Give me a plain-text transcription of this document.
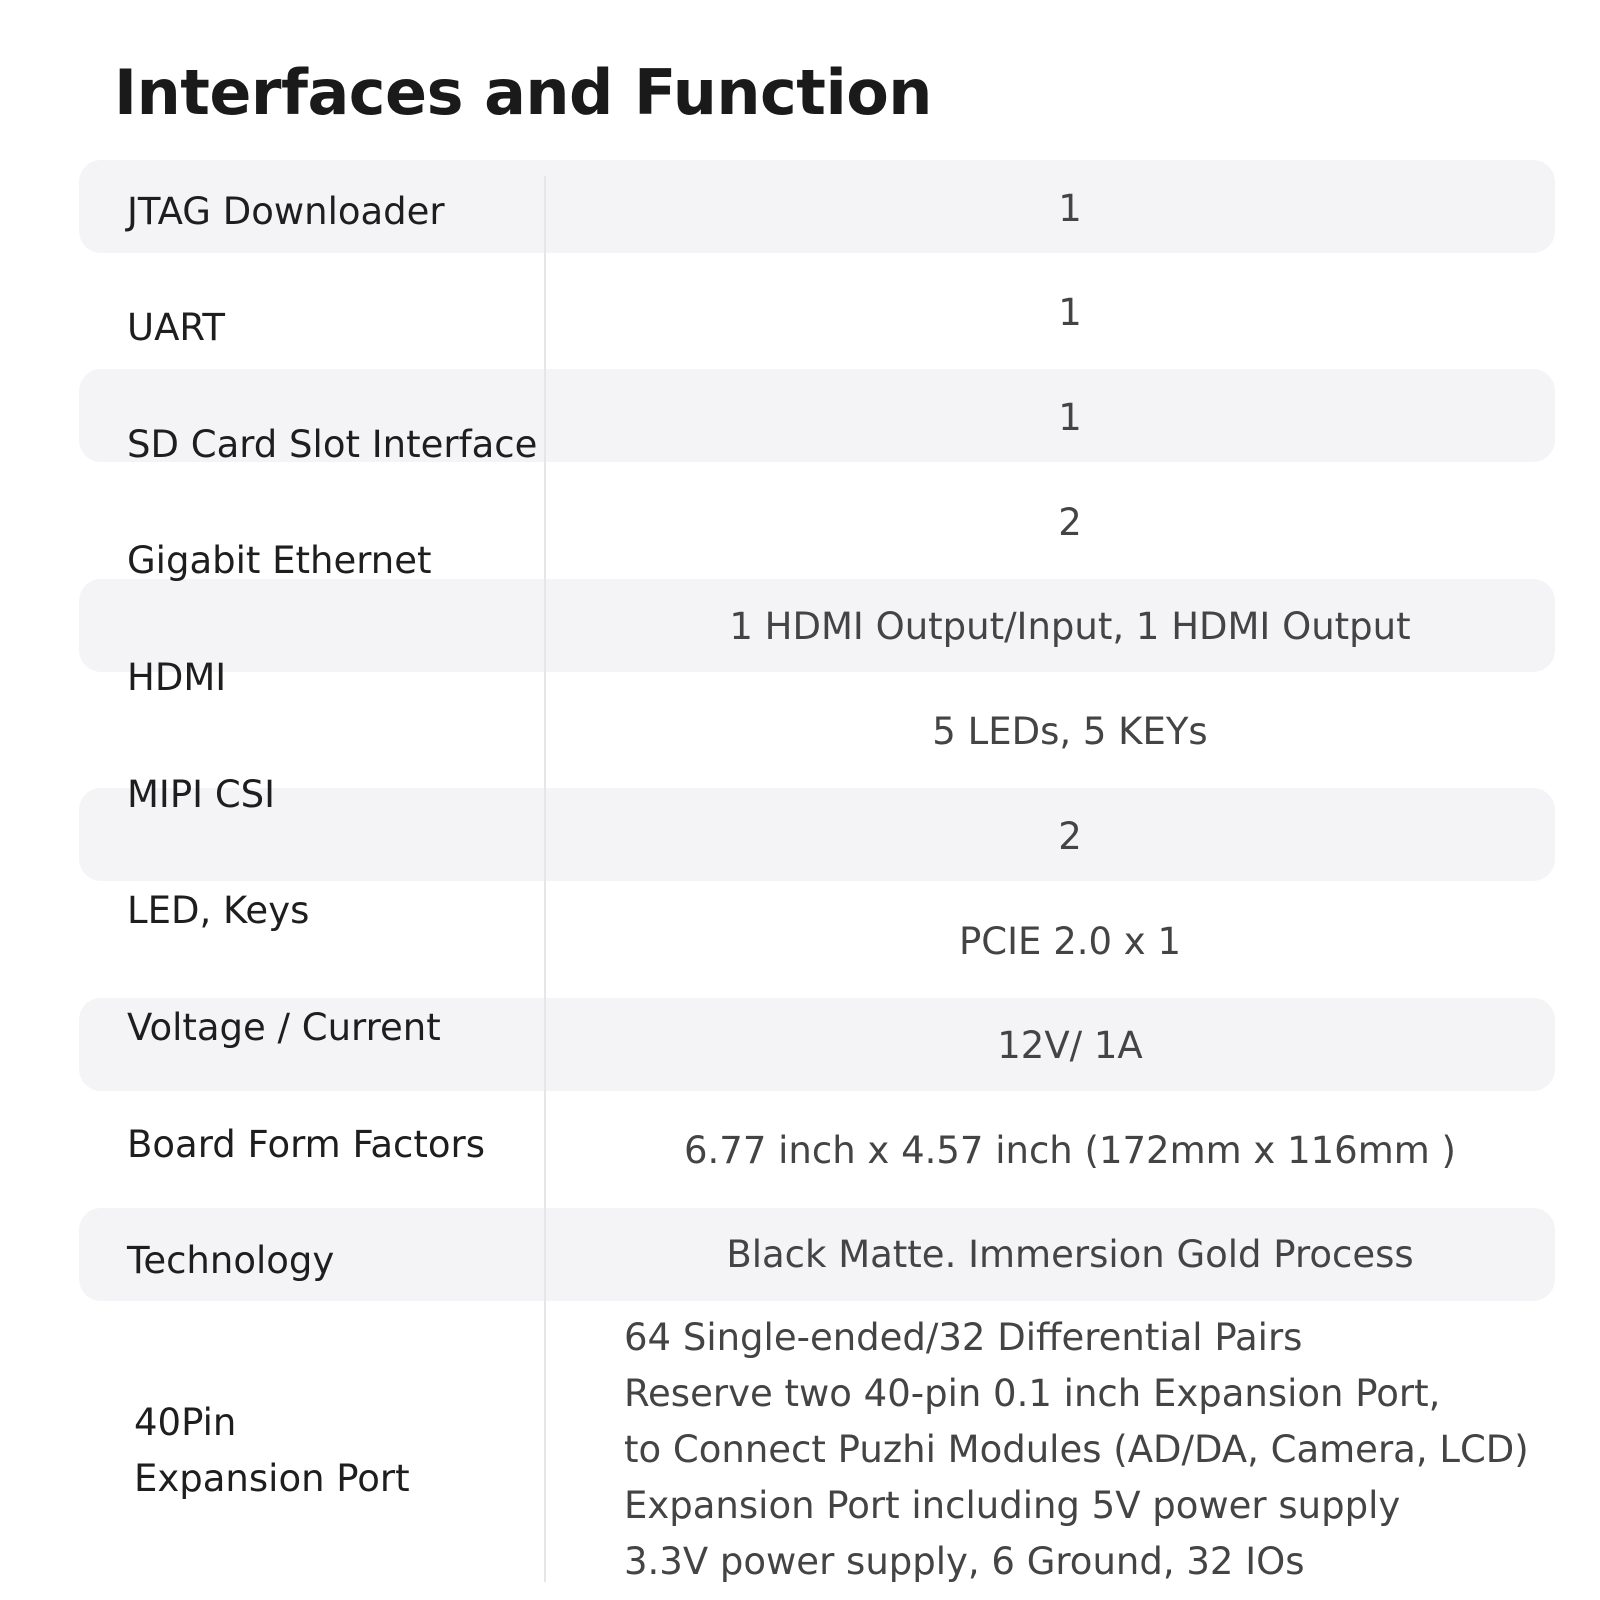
Interfaces and Function
JTAG Downloader
UART
SD Card Slot Interface
Gigabit Ethernet
HDMI
MIPI CSI
LED, Keys
Voltage / Current
Board Form Factors
Technology
1
1
1
2
1 HDMI Output/Input, 1 HDMI Output
5 LEDs, 5 KEYs
2
PCIE 2.0 x 1
12V/ 1A
6.77 inch x 4.57 inch (172mm x 116mm )
Black Matte. Immersion Gold Process
40Pin
Expansion Port
64 Single-ended/32 Differential Pairs
Reserve two 40-pin 0.1 inch Expansion Port,
to Connect Puzhi Modules (AD/DA, Camera, LCD)
Expansion Port including 5V power supply
3.3V power supply, 6 Ground, 32 IOs
